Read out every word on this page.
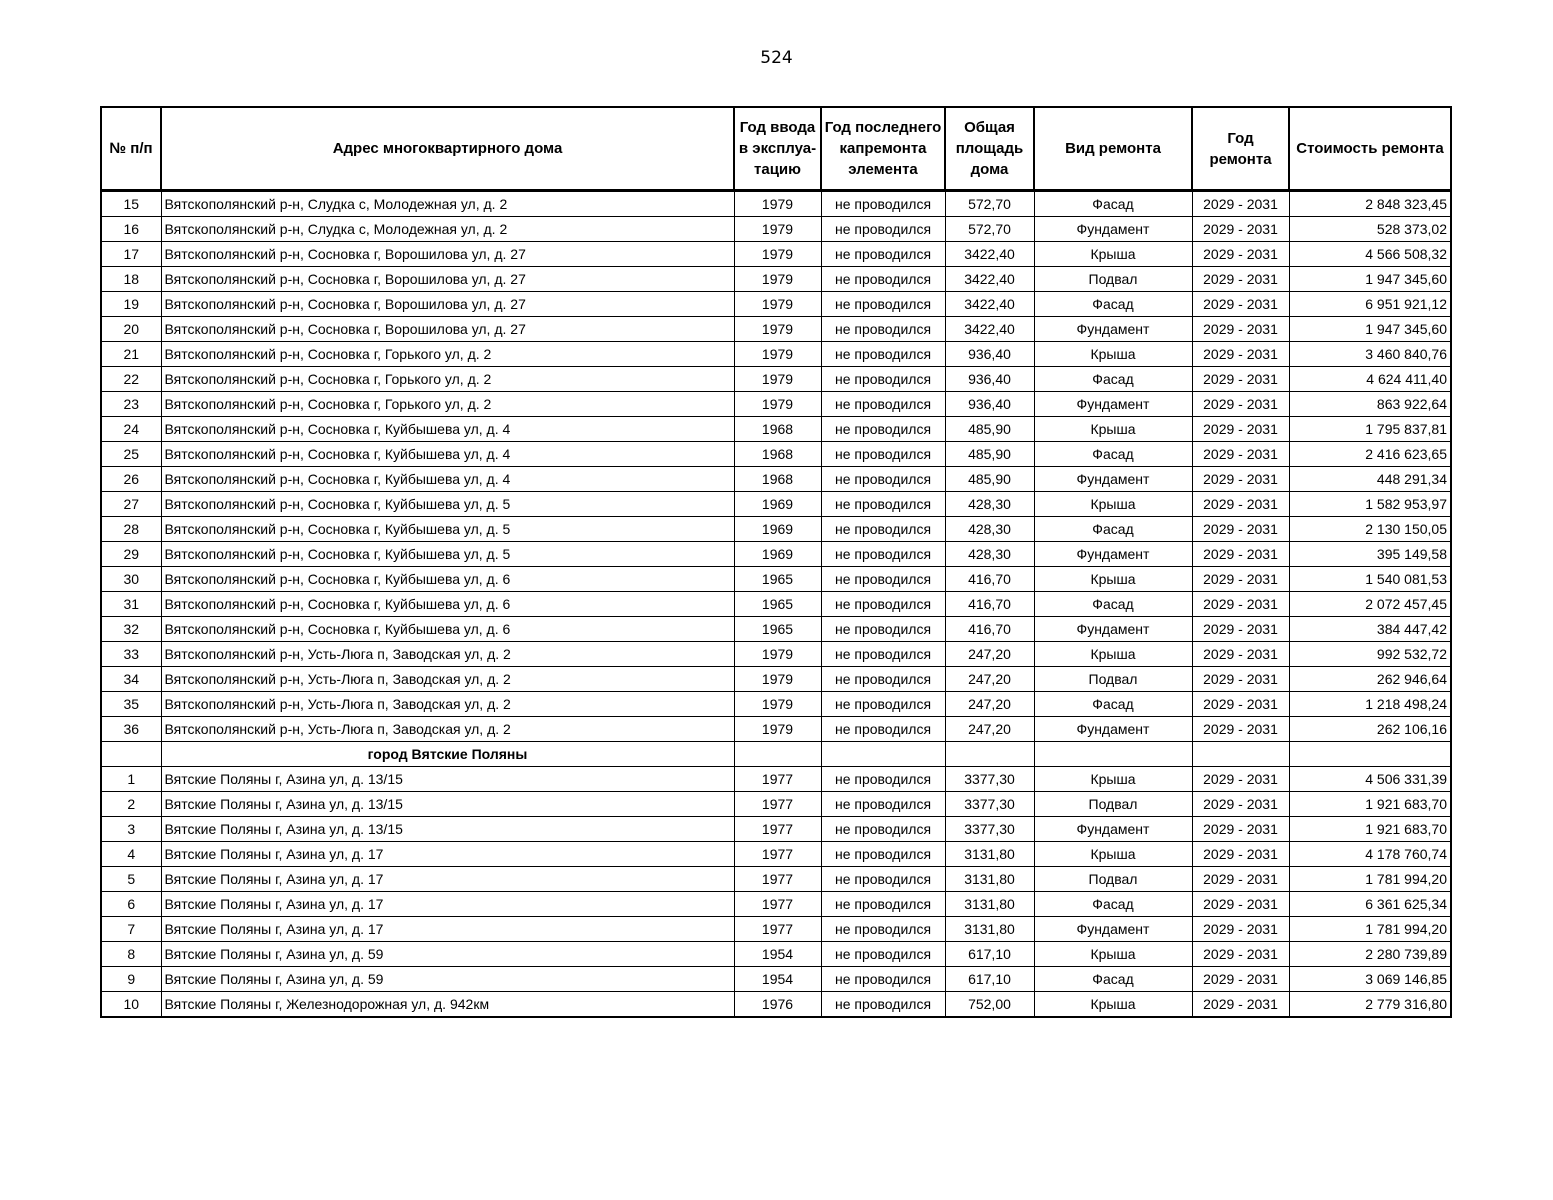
524
№ п/п	Адрес многоквартирного дома	Год ввода в эксплуа-тацию	Год последнего капремонта элемента	Общая площадь дома	Вид ремонта	Год ремонта	Стоимость ремонта
15	Вятскополянский р-н, Слудка с, Молодежная ул, д. 2	1979	не проводился	572,70	Фасад	2029 - 2031	2 848 323,45
16	Вятскополянский р-н, Слудка с, Молодежная ул, д. 2	1979	не проводился	572,70	Фундамент	2029 - 2031	528 373,02
17	Вятскополянский р-н, Сосновка г, Ворошилова ул, д. 27	1979	не проводился	3422,40	Крыша	2029 - 2031	4 566 508,32
18	Вятскополянский р-н, Сосновка г, Ворошилова ул, д. 27	1979	не проводился	3422,40	Подвал	2029 - 2031	1 947 345,60
19	Вятскополянский р-н, Сосновка г, Ворошилова ул, д. 27	1979	не проводился	3422,40	Фасад	2029 - 2031	6 951 921,12
20	Вятскополянский р-н, Сосновка г, Ворошилова ул, д. 27	1979	не проводился	3422,40	Фундамент	2029 - 2031	1 947 345,60
21	Вятскополянский р-н, Сосновка г, Горького ул, д. 2	1979	не проводился	936,40	Крыша	2029 - 2031	3 460 840,76
22	Вятскополянский р-н, Сосновка г, Горького ул, д. 2	1979	не проводился	936,40	Фасад	2029 - 2031	4 624 411,40
23	Вятскополянский р-н, Сосновка г, Горького ул, д. 2	1979	не проводился	936,40	Фундамент	2029 - 2031	863 922,64
24	Вятскополянский р-н, Сосновка г, Куйбышева ул, д. 4	1968	не проводился	485,90	Крыша	2029 - 2031	1 795 837,81
25	Вятскополянский р-н, Сосновка г, Куйбышева ул, д. 4	1968	не проводился	485,90	Фасад	2029 - 2031	2 416 623,65
26	Вятскополянский р-н, Сосновка г, Куйбышева ул, д. 4	1968	не проводился	485,90	Фундамент	2029 - 2031	448 291,34
27	Вятскополянский р-н, Сосновка г, Куйбышева ул, д. 5	1969	не проводился	428,30	Крыша	2029 - 2031	1 582 953,97
28	Вятскополянский р-н, Сосновка г, Куйбышева ул, д. 5	1969	не проводился	428,30	Фасад	2029 - 2031	2 130 150,05
29	Вятскополянский р-н, Сосновка г, Куйбышева ул, д. 5	1969	не проводился	428,30	Фундамент	2029 - 2031	395 149,58
30	Вятскополянский р-н, Сосновка г, Куйбышева ул, д. 6	1965	не проводился	416,70	Крыша	2029 - 2031	1 540 081,53
31	Вятскополянский р-н, Сосновка г, Куйбышева ул, д. 6	1965	не проводился	416,70	Фасад	2029 - 2031	2 072 457,45
32	Вятскополянский р-н, Сосновка г, Куйбышева ул, д. 6	1965	не проводился	416,70	Фундамент	2029 - 2031	384 447,42
33	Вятскополянский р-н, Усть-Люга п, Заводская ул, д. 2	1979	не проводился	247,20	Крыша	2029 - 2031	992 532,72
34	Вятскополянский р-н, Усть-Люга п, Заводская ул, д. 2	1979	не проводился	247,20	Подвал	2029 - 2031	262 946,64
35	Вятскополянский р-н, Усть-Люга п, Заводская ул, д. 2	1979	не проводился	247,20	Фасад	2029 - 2031	1 218 498,24
36	Вятскополянский р-н, Усть-Люга п, Заводская ул, д. 2	1979	не проводился	247,20	Фундамент	2029 - 2031	262 106,16
	город Вятские Поляны						
1	Вятские Поляны г, Азина ул, д. 13/15	1977	не проводился	3377,30	Крыша	2029 - 2031	4 506 331,39
2	Вятские Поляны г, Азина ул, д. 13/15	1977	не проводился	3377,30	Подвал	2029 - 2031	1 921 683,70
3	Вятские Поляны г, Азина ул, д. 13/15	1977	не проводился	3377,30	Фундамент	2029 - 2031	1 921 683,70
4	Вятские Поляны г, Азина ул, д. 17	1977	не проводился	3131,80	Крыша	2029 - 2031	4 178 760,74
5	Вятские Поляны г, Азина ул, д. 17	1977	не проводился	3131,80	Подвал	2029 - 2031	1 781 994,20
6	Вятские Поляны г, Азина ул, д. 17	1977	не проводился	3131,80	Фасад	2029 - 2031	6 361 625,34
7	Вятские Поляны г, Азина ул, д. 17	1977	не проводился	3131,80	Фундамент	2029 - 2031	1 781 994,20
8	Вятские Поляны г, Азина ул, д. 59	1954	не проводился	617,10	Крыша	2029 - 2031	2 280 739,89
9	Вятские Поляны г, Азина ул, д. 59	1954	не проводился	617,10	Фасад	2029 - 2031	3 069 146,85
10	Вятские Поляны г, Железнодорожная ул, д. 942км	1976	не проводился	752,00	Крыша	2029 - 2031	2 779 316,80
